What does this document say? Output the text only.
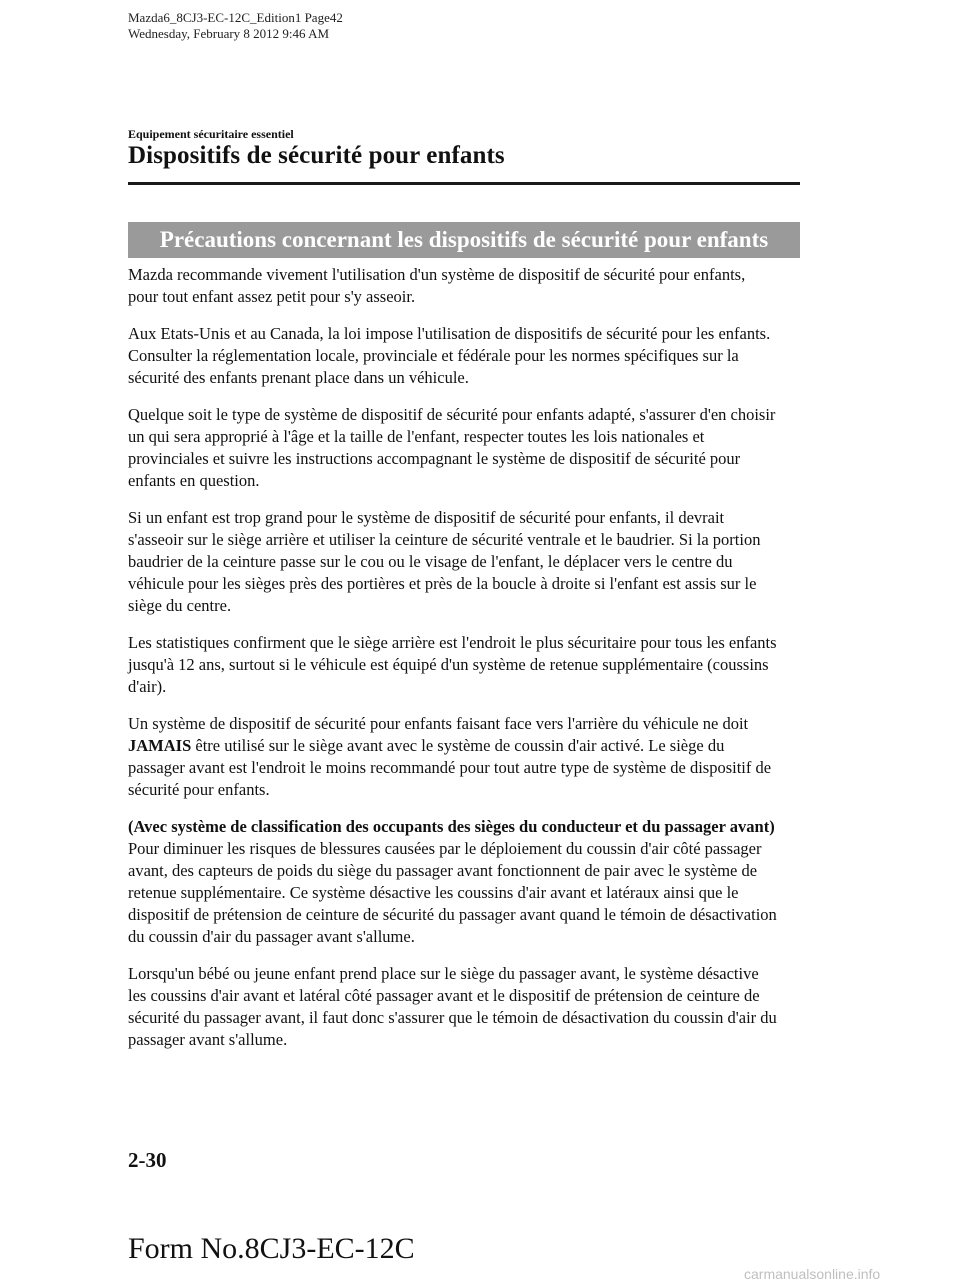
Mazda6_8CJ3-EC-12C_Edition1 Page42
Wednesday, February 8 2012 9:46 AM
Equipement sécuritaire essentiel
Dispositifs de sécurité pour enfants
Précautions concernant les dispositifs de sécurité pour enfants

Mazda recommande vivement l'utilisation d'un système de dispositif de sécurité pour enfants, pour tout enfant assez petit pour s'y asseoir.

Aux Etats-Unis et au Canada, la loi impose l'utilisation de dispositifs de sécurité pour les enfants.
Consulter la réglementation locale, provinciale et fédérale pour les normes spécifiques sur la sécurité des enfants prenant place dans un véhicule.

Quelque soit le type de système de dispositif de sécurité pour enfants adapté, s'assurer d'en choisir un qui sera approprié à l'âge et la taille de l'enfant, respecter toutes les lois nationales et provinciales et suivre les instructions accompagnant le système de dispositif de sécurité pour enfants en question.

Si un enfant est trop grand pour le système de dispositif de sécurité pour enfants, il devrait s'asseoir sur le siège arrière et utiliser la ceinture de sécurité ventrale et le baudrier. Si la portion baudrier de la ceinture passe sur le cou ou le visage de l'enfant, le déplacer vers le centre du véhicule pour les sièges près des portières et près de la boucle à droite si l'enfant est assis sur le siège du centre.

Les statistiques confirment que le siège arrière est l'endroit le plus sécuritaire pour tous les enfants jusqu'à 12 ans, surtout si le véhicule est équipé d'un système de retenue supplémentaire (coussins d'air).

Un système de dispositif de sécurité pour enfants faisant face vers l'arrière du véhicule ne doit JAMAIS être utilisé sur le siège avant avec le système de coussin d'air activé. Le siège du passager avant est l'endroit le moins recommandé pour tout autre type de système de dispositif de sécurité pour enfants.

(Avec système de classification des occupants des sièges du conducteur et du passager avant)
Pour diminuer les risques de blessures causées par le déploiement du coussin d'air côté passager avant, des capteurs de poids du siège du passager avant fonctionnent de pair avec le système de retenue supplémentaire. Ce système désactive les coussins d'air avant et latéraux ainsi que le dispositif de prétension de ceinture de sécurité du passager avant quand le témoin de désactivation du coussin d'air du passager avant s'allume.

Lorsqu'un bébé ou jeune enfant prend place sur le siège du passager avant, le système désactive les coussins d'air avant et latéral côté passager avant et le dispositif de prétension de ceinture de sécurité du passager avant, il faut donc s'assurer que le témoin de désactivation du coussin d'air du passager avant s'allume.

2-30
Form No.8CJ3-EC-12C
carmanualsonline.info
